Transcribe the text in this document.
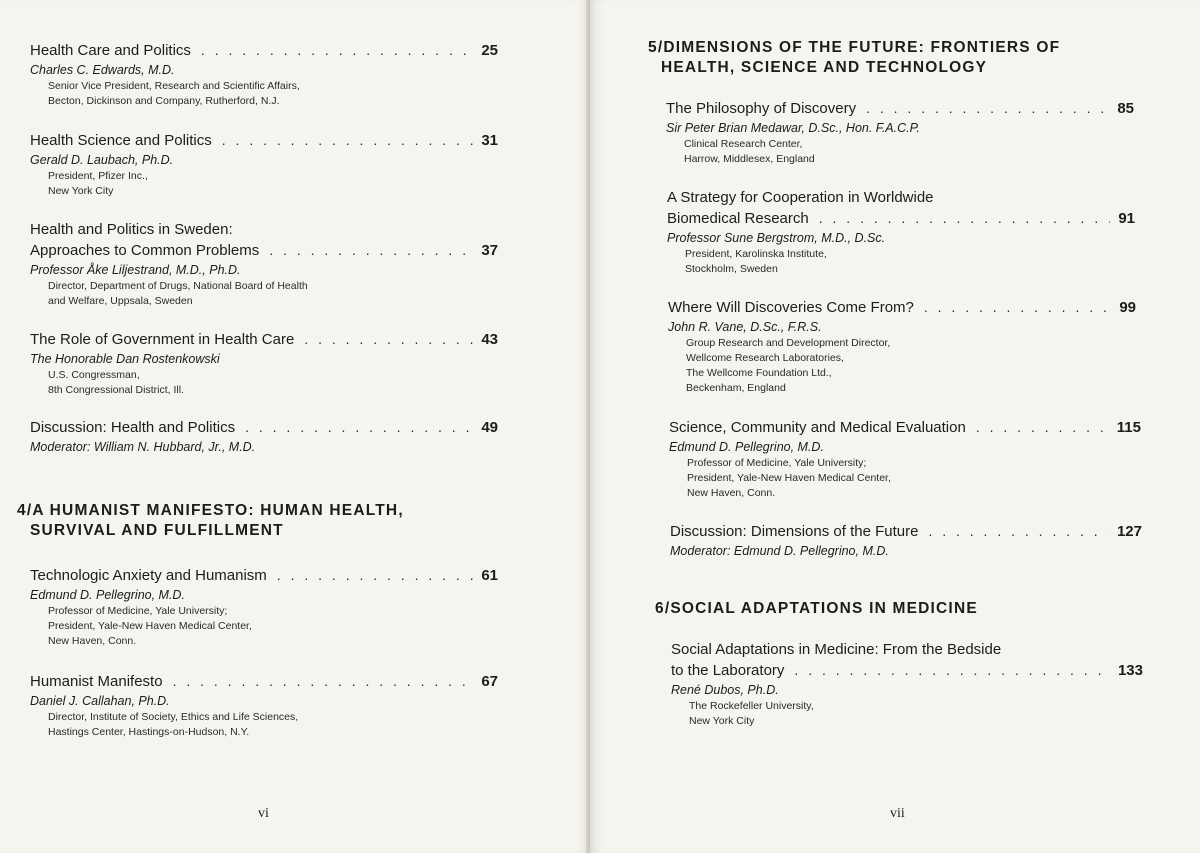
Health Care and Politics . . .	25
Charles C. Edwards, M.D.
Senior Vice President, Research and Scientific Affairs,
Becton, Dickinson and Company, Rutherford, N.J.
Health Science and Politics . . .	31
Gerald D. Laubach, Ph.D.
President, Pfizer Inc.,
New York City
Health and Politics in Sweden:
Approaches to Common Problems . . .	37
Professor Åke Liljestrand, M.D., Ph.D.
Director, Department of Drugs, National Board of Health
and Welfare, Uppsala, Sweden
The Role of Government in Health Care . . .	43
The Honorable Dan Rostenkowski
U.S. Congressman,
8th Congressional District, Ill.
Discussion: Health and Politics . . .	49
Moderator: William N. Hubbard, Jr., M.D.
4/A HUMANIST MANIFESTO: HUMAN HEALTH,
SURVIVAL AND FULFILLMENT
Technologic Anxiety and Humanism . . .	61
Edmund D. Pellegrino, M.D.
Professor of Medicine, Yale University;
President, Yale-New Haven Medical Center,
New Haven, Conn.
Humanist Manifesto . . .	67
Daniel J. Callahan, Ph.D.
Director, Institute of Society, Ethics and Life Sciences,
Hastings Center, Hastings-on-Hudson, N.Y.
vi
5/DIMENSIONS OF THE FUTURE: FRONTIERS OF
HEALTH, SCIENCE AND TECHNOLOGY
The Philosophy of Discovery . . .	85
Sir Peter Brian Medawar, D.Sc., Hon. F.A.C.P.
Clinical Research Center,
Harrow, Middlesex, England
A Strategy for Cooperation in Worldwide
Biomedical Research . . .	91
Professor Sune Bergstrom, M.D., D.Sc.
President, Karolinska Institute,
Stockholm, Sweden
Where Will Discoveries Come From? . . .	99
John R. Vane, D.Sc., F.R.S.
Group Research and Development Director,
Wellcome Research Laboratories,
The Wellcome Foundation Ltd.,
Beckenham, England
Science, Community and Medical Evaluation . . .	115
Edmund D. Pellegrino, M.D.
Professor of Medicine, Yale University;
President, Yale-New Haven Medical Center,
New Haven, Conn.
Discussion: Dimensions of the Future . . .	127
Moderator: Edmund D. Pellegrino, M.D.
6/SOCIAL ADAPTATIONS IN MEDICINE
Social Adaptations in Medicine: From the Bedside
to the Laboratory . . .	133
René Dubos, Ph.D.
The Rockefeller University,
New York City
vii
